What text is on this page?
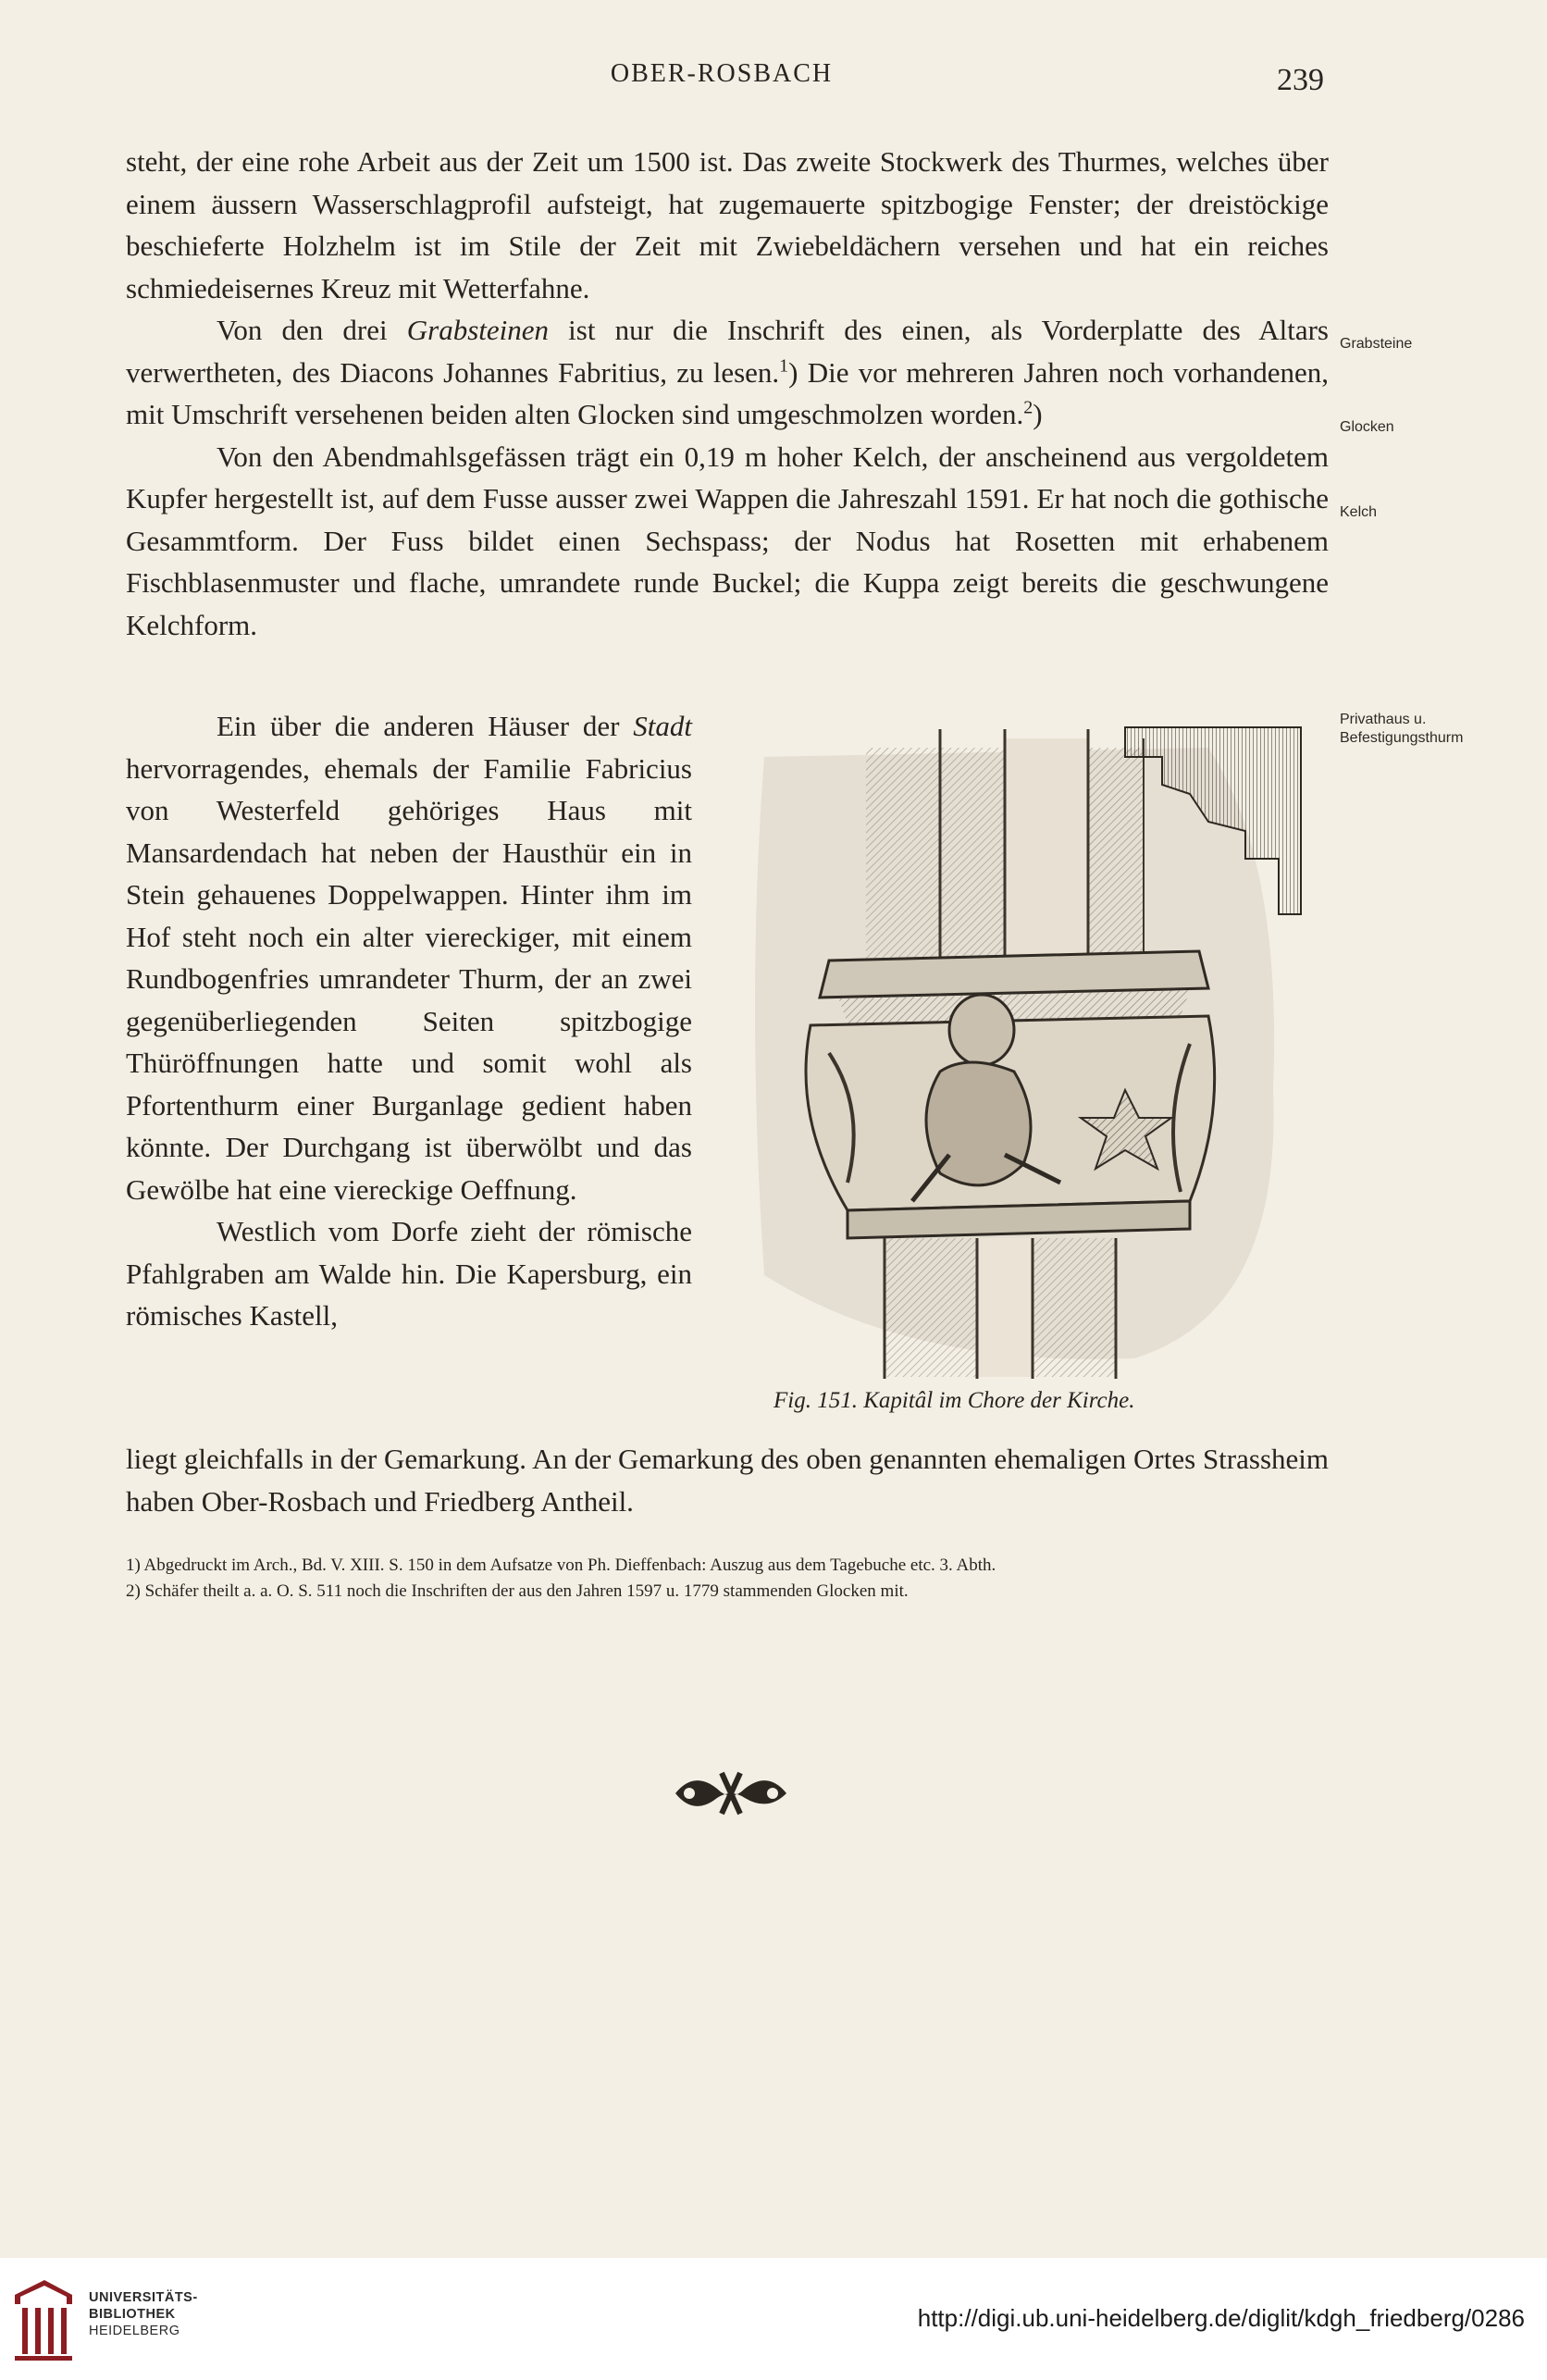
OBER-ROSBACH	239

steht, der eine rohe Arbeit aus der Zeit um 1500 ist. Das zweite Stockwerk des Thurmes, welches über einem äussern Wasserschlagprofil aufsteigt, hat zugemauerte spitzbogige Fenster; der dreistöckige beschieferte Holzhelm ist im Stile der Zeit mit Zwiebeldächern versehen und hat ein reiches schmiedeisernes Kreuz mit Wetterfahne.

Von den drei Grabsteinen ist nur die Inschrift des einen, als Vorderplatte des Altars verwertheten, des Diacons Johannes Fabritius, zu lesen.$^1$) Die vor mehreren Jahren noch vorhandenen, mit Umschrift versehenen beiden alten Glocken sind umgeschmolzen worden.$^2$)

Von den Abendmahlsgefässen trägt ein 0,19 m hoher Kelch, der anscheinend aus vergoldetem Kupfer hergestellt ist, auf dem Fusse ausser zwei Wappen die Jahreszahl 1591. Er hat noch die gothische Gesammtform. Der Fuss bildet einen Sechspass; der Nodus hat Rosetten mit erhabenem Fischblasenmuster und flache, umrandete runde Buckel; die Kuppa zeigt bereits die geschwungene Kelchform.

Grabsteine
Glocken
Kelch
Privathaus u. Befestigungsthurm

Ein über die anderen Häuser der Stadt hervorragendes, ehemals der Familie Fabricius von Westerfeld gehöriges Haus mit Mansardendach hat neben der Hausthür ein in Stein gehauenes Doppelwappen. Hinter ihm im Hof steht noch ein alter viereckiger, mit einem Rundbogenfries umrandeter Thurm, der an zwei gegenüberliegenden Seiten spitzbogige Thüröffnungen hatte und somit wohl als Pfortenthurm einer Burganlage gedient haben könnte. Der Durchgang ist überwölbt und das Gewölbe hat eine viereckige Oeffnung.

Westlich vom Dorfe zieht der römische Pfahlgraben am Walde hin. Die Kapersburg, ein römisches Kastell,

Fig. 151. Kapitâl im Chore der Kirche.

liegt gleichfalls in der Gemarkung. An der Gemarkung des oben genannten ehemaligen Ortes Strassheim haben Ober-Rosbach und Friedberg Antheil.

1) Abgedruckt im Arch., Bd. V. XIII. S. 150 in dem Aufsatze von Ph. Dieffenbach: Auszug aus dem Tagebuche etc. 3. Abth.

2) Schäfer theilt a. a. O. S. 511 noch die Inschriften der aus den Jahren 1597 u. 1779 stammenden Glocken mit.

UNIVERSITÄTS-
BIBLIOTHEK
HEIDELBERG	http://digi.ub.uni-heidelberg.de/diglit/kdgh_friedberg/0286
